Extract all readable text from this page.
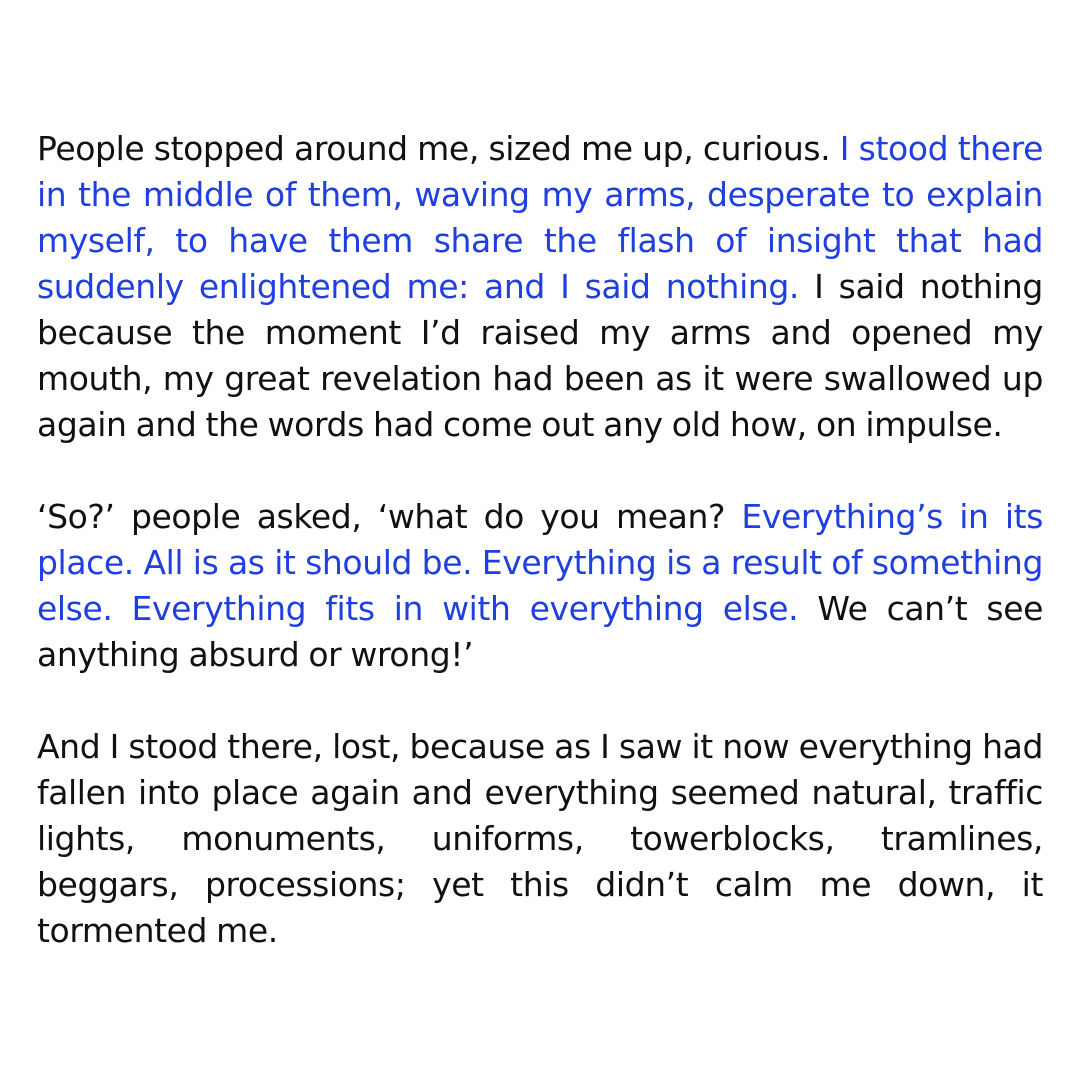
People stopped around me, sized me up, curious. I stood there in the middle of them, waving my arms, desperate to explain myself, to have them share the flash of insight that had suddenly enlightened me: and I said nothing. I said nothing because the moment I’d raised my arms and opened my mouth, my great revelation had been as it were swallowed up again and the words had come out any old how, on impulse.

‘So?’ people asked, ‘what do you mean? Everything’s in its place. All is as it should be. Everything is a result of something else. Everything fits in with everything else. We can’t see anything absurd or wrong!’

And I stood there, lost, because as I saw it now everything had fallen into place again and everything seemed natural, traffic lights, monuments, uniforms, towerblocks, tramlines, beggars, processions; yet this didn’t calm me down, it tormented me.
